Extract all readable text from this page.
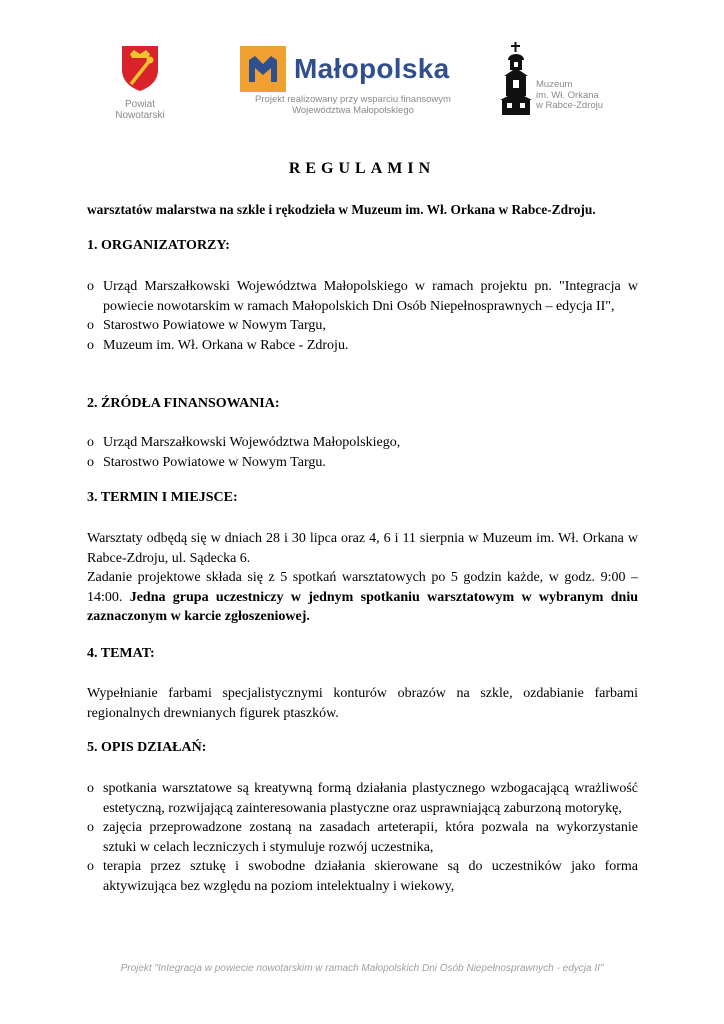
Powiat
Nowotarski
Małopolska
Projekt realizowany przy wsparciu finansowym
Województwa Małopolskiego
Muzeum
im. Wł. Orkana
w Rabce-Zdroju
REGULAMIN
warsztatów malarstwa na szkle i rękodzieła w Muzeum im. Wł. Orkana w Rabce-Zdroju.
1. ORGANIZATORZY:
o Urząd Marszałkowski Województwa Małopolskiego w ramach projektu pn. "Integracja w powiecie nowotarskim w ramach Małopolskich Dni Osób Niepełnosprawnych – edycja II",
o Starostwo Powiatowe w Nowym Targu,
o Muzeum im. Wł. Orkana w Rabce - Zdroju.
2. ŹRÓDŁA FINANSOWANIA:
o Urząd Marszałkowski Województwa Małopolskiego,
o Starostwo Powiatowe w Nowym Targu.
3. TERMIN I MIEJSCE:

Warsztaty odbędą się w dniach 28 i 30 lipca oraz 4, 6 i 11 sierpnia w Muzeum im. Wł. Orkana w Rabce-Zdroju, ul. Sądecka 6.

Zadanie projektowe składa się z 5 spotkań warsztatowych po 5 godzin każde, w godz. 9:00 – 14:00. Jedna grupa uczestniczy w jednym spotkaniu warsztatowym w wybranym dniu zaznaczonym w karcie zgłoszeniowej.

4. TEMAT:

Wypełnianie farbami specjalistycznymi konturów obrazów na szkle, ozdabianie farbami regionalnych drewnianych figurek ptaszków.

5. OPIS DZIAŁAŃ:
o spotkania warsztatowe są kreatywną formą działania plastycznego wzbogacającą wrażliwość estetyczną, rozwijającą zainteresowania plastyczne oraz usprawniającą zaburzoną motorykę,
o zajęcia przeprowadzone zostaną na zasadach arteterapii, która pozwala na wykorzystanie sztuki w celach leczniczych i stymuluje rozwój uczestnika,
o terapia przez sztukę i swobodne działania skierowane są do uczestników jako forma aktywizująca bez względu na poziom intelektualny i wiekowy,
Projekt "Integracja w powiecie nowotarskim w ramach Małopolskich Dni Osób Niepełnosprawnych - edycja II"
